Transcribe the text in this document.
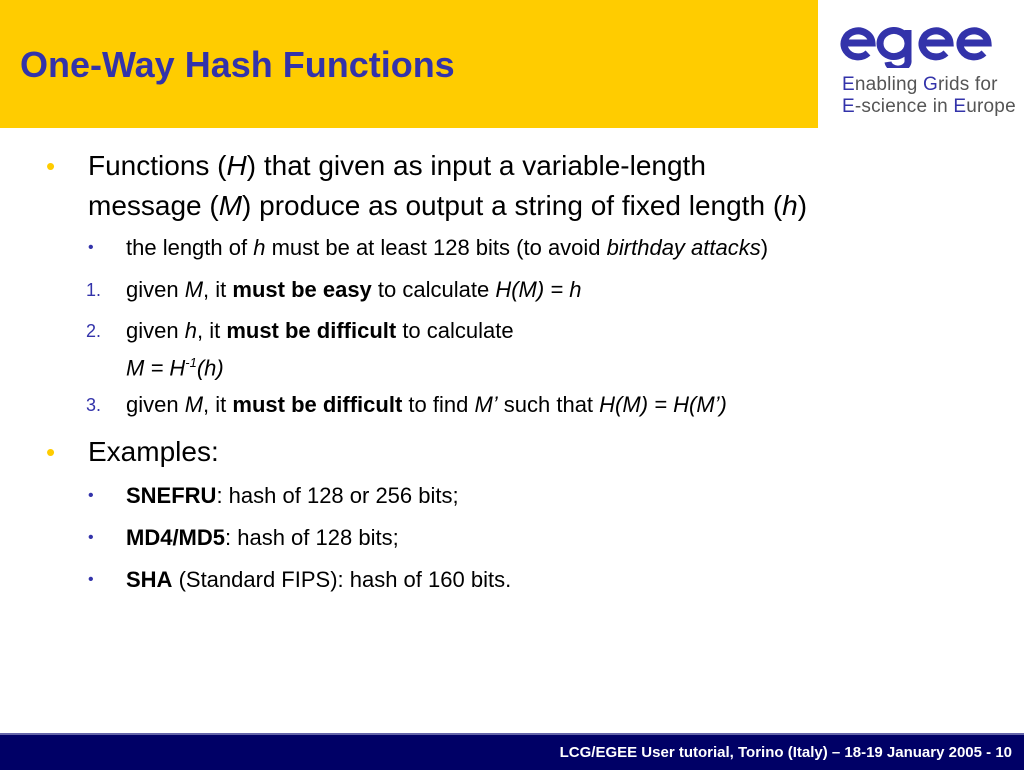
One-Way Hash Functions	Enabling Grids for
E-science in Europe
• Functions (H) that given as input a variable-length
message (M) produce as output a string of fixed length (h)
• the length of h must be at least 128 bits (to avoid birthday attacks)
1. given M, it must be easy to calculate H(M) = h
2. given h, it must be difficult to calculate
$M = H^{-1}(h)$
3. given M, it must be difficult to find M’ such that H(M) = H(M’)
• Examples:
• SNEFRU: hash of 128 or 256 bits;
• MD4/MD5: hash of 128 bits;
• SHA (Standard FIPS): hash of 160 bits.
LCG/EGEE User tutorial, Torino (Italy) – 18-19 January 2005 - 10
